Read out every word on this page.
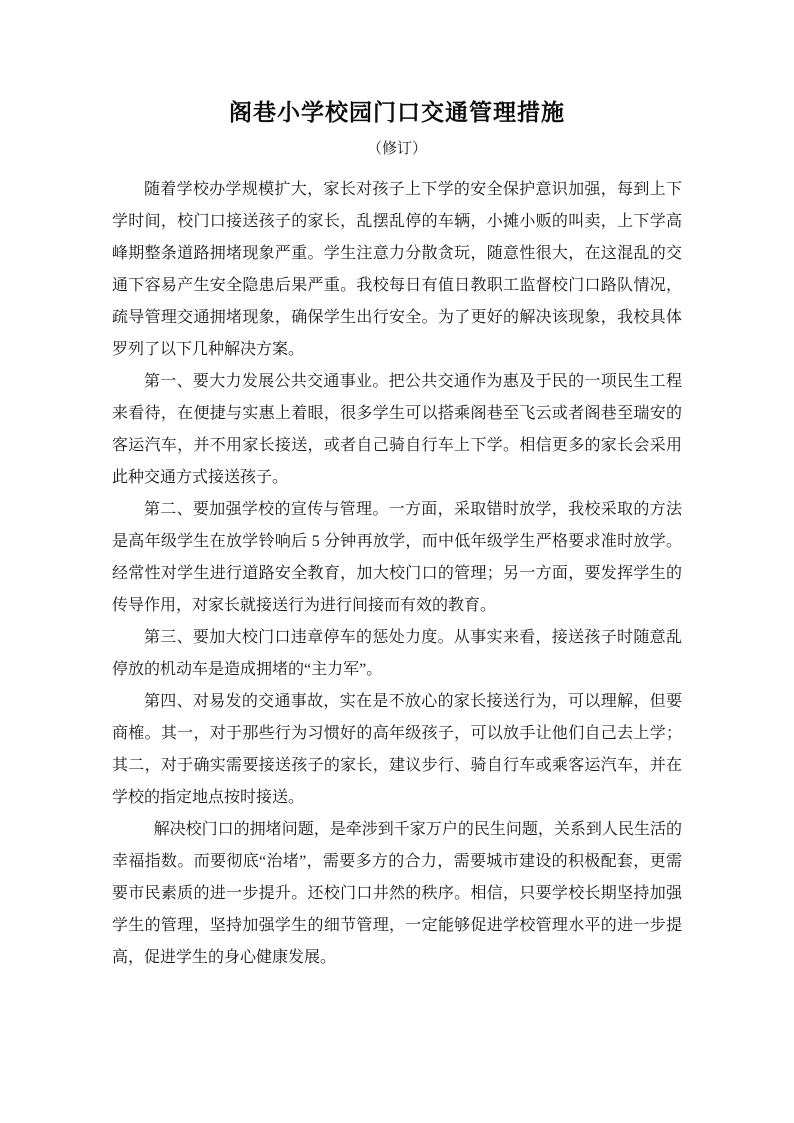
阁巷小学校园门口交通管理措施

（修订）

随着学校办学规模扩大，家长对孩子上下学的安全保护意识加强，每到上下学时间，校门口接送孩子的家长，乱摆乱停的车辆，小摊小贩的叫卖，上下学高峰期整条道路拥堵现象严重。学生注意力分散贪玩，随意性很大，在这混乱的交通下容易产生安全隐患后果严重。我校每日有值日教职工监督校门口路队情况，疏导管理交通拥堵现象，确保学生出行安全。为了更好的解决该现象，我校具体罗列了以下几种解决方案。

第一、要大力发展公共交通事业。把公共交通作为惠及于民的一项民生工程来看待，在便捷与实惠上着眼，很多学生可以搭乘阁巷至飞云或者阁巷至瑞安的客运汽车，并不用家长接送，或者自己骑自行车上下学。相信更多的家长会采用此种交通方式接送孩子。

第二、要加强学校的宣传与管理。一方面，采取错时放学，我校采取的方法是高年级学生在放学铃响后 5 分钟再放学，而中低年级学生严格要求准时放学。经常性对学生进行道路安全教育，加大校门口的管理；另一方面，要发挥学生的传导作用，对家长就接送行为进行间接而有效的教育。

第三、要加大校门口违章停车的惩处力度。从事实来看，接送孩子时随意乱停放的机动车是造成拥堵的“主力军”。

第四、对易发的交通事故，实在是不放心的家长接送行为，可以理解，但要商榷。其一，对于那些行为习惯好的高年级孩子，可以放手让他们自己去上学；其二，对于确实需要接送孩子的家长，建议步行、骑自行车或乘客运汽车，并在学校的指定地点按时接送。

解决校门口的拥堵问题，是牵涉到千家万户的民生问题，关系到人民生活的幸福指数。而要彻底“治堵”，需要多方的合力，需要城市建设的积极配套，更需要市民素质的进一步提升。还校门口井然的秩序。相信，只要学校长期坚持加强学生的管理，坚持加强学生的细节管理，一定能够促进学校管理水平的进一步提高，促进学生的身心健康发展。
